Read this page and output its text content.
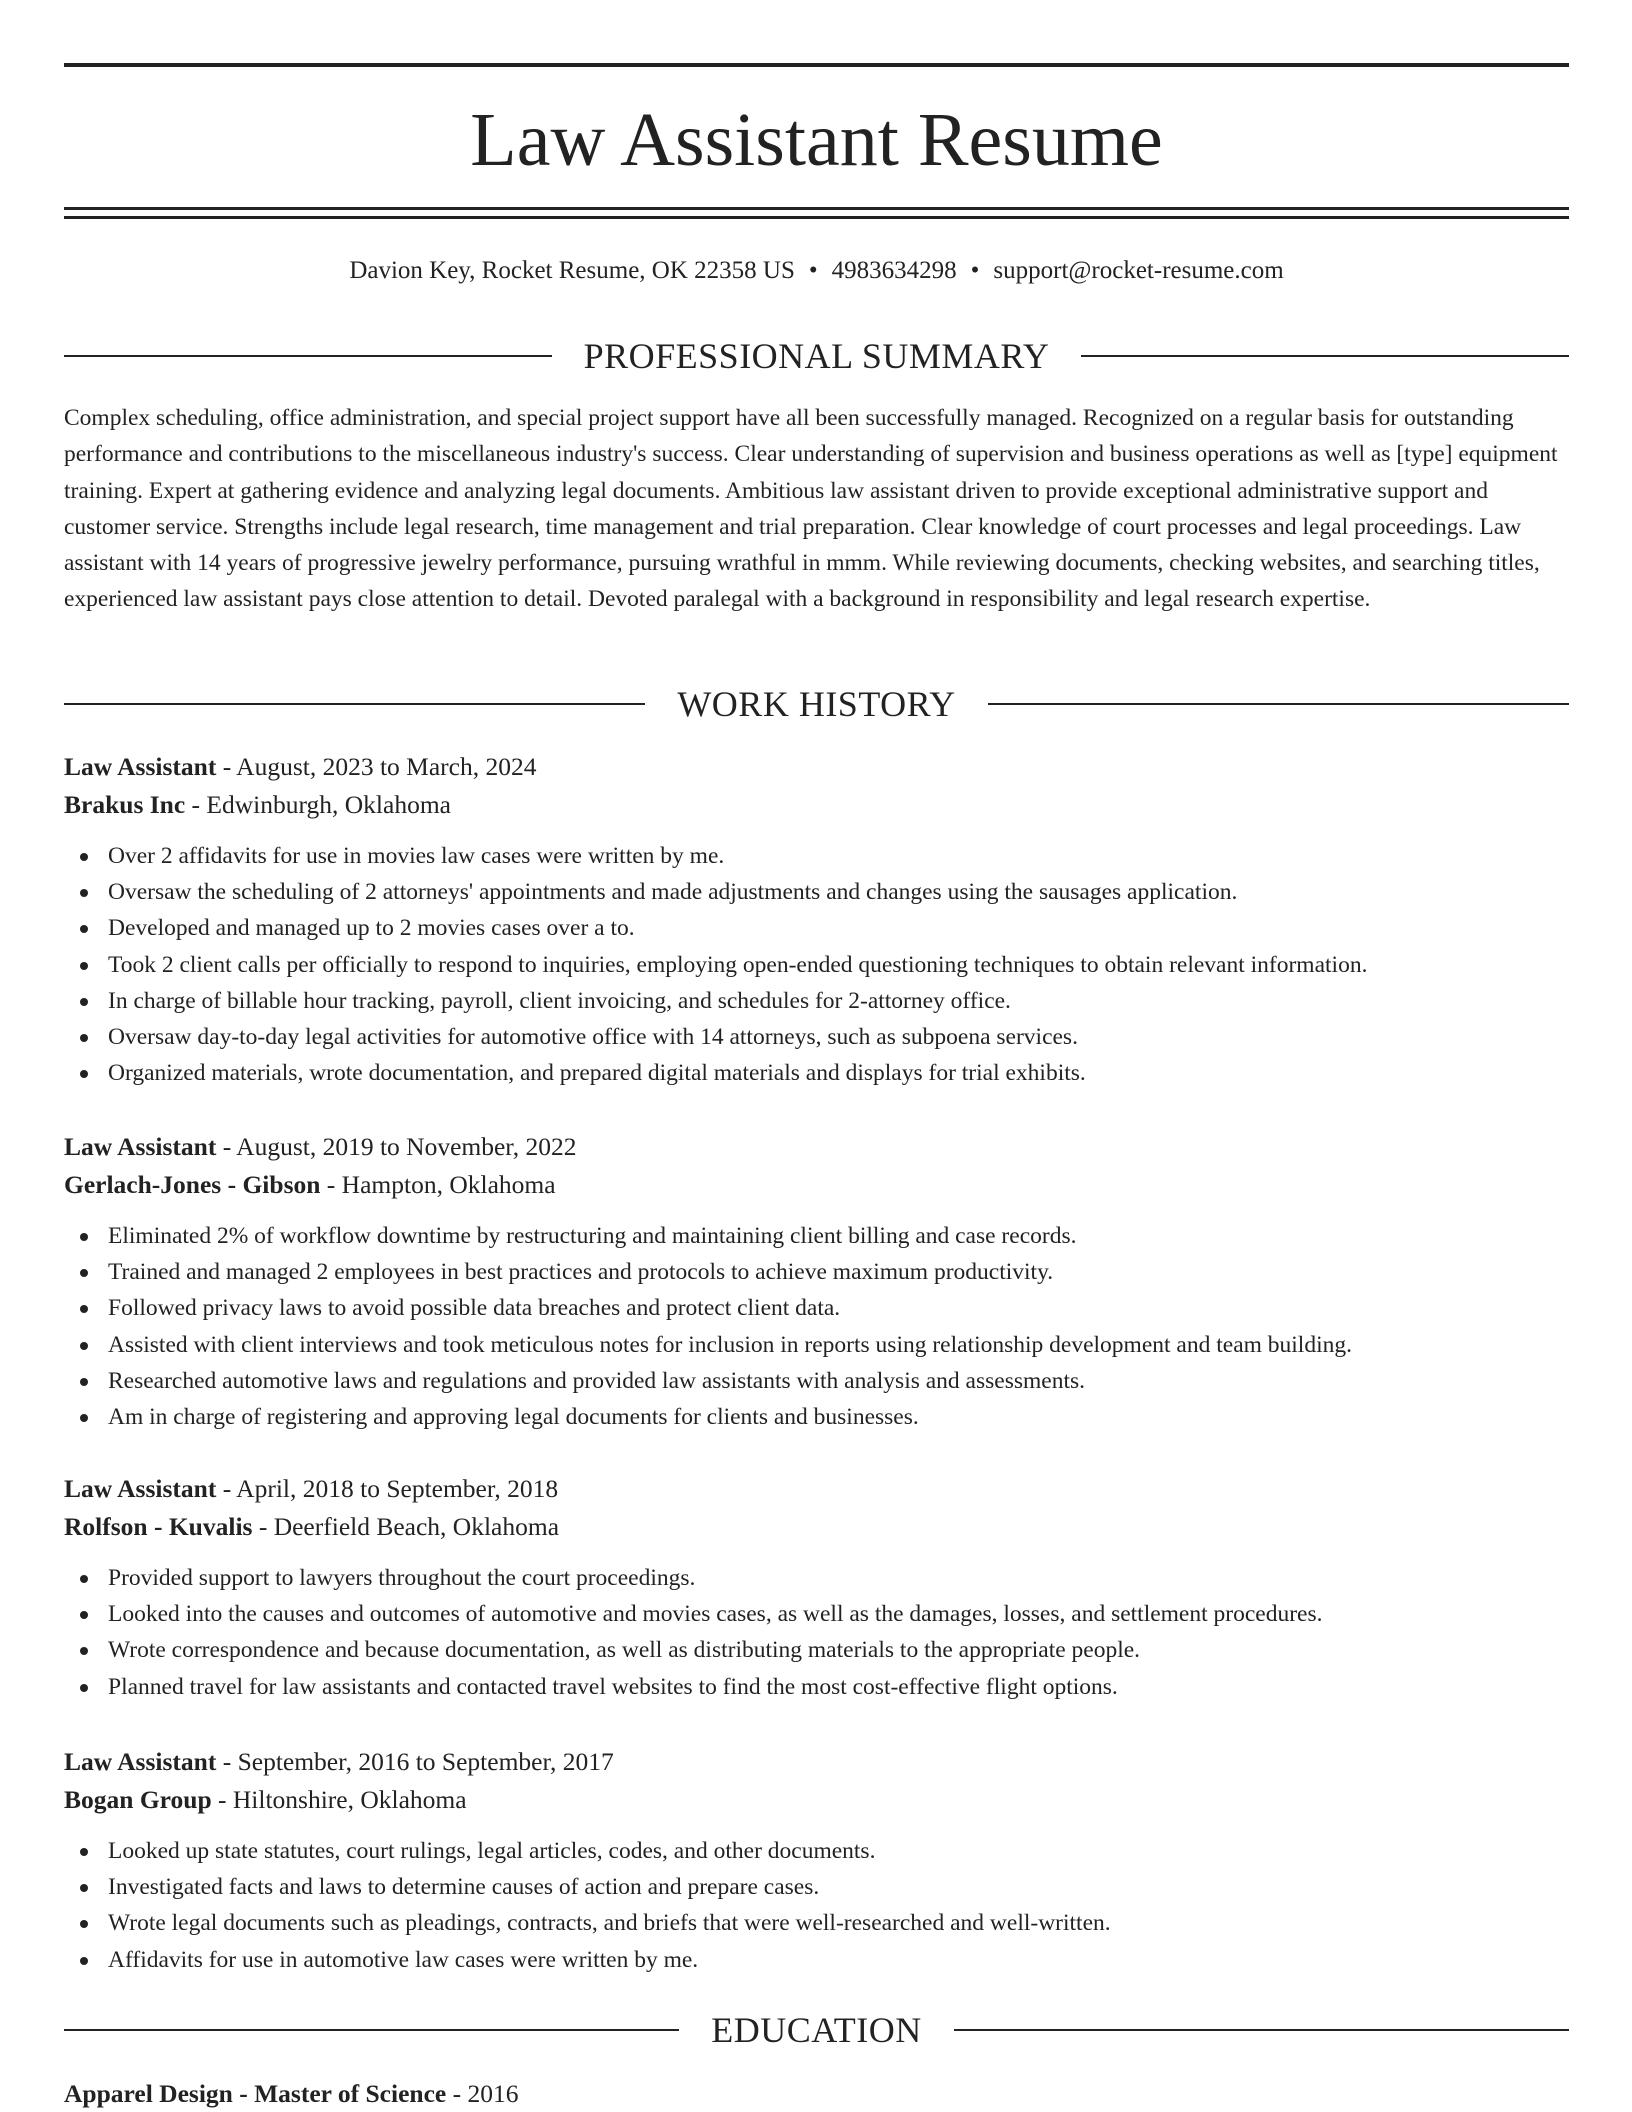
Law Assistant Resume
Davion Key, Rocket Resume, OK 22358 US • 4983634298 • support@rocket-resume.com
PROFESSIONAL SUMMARY

Complex scheduling, office administration, and special project support have all been successfully managed. Recognized on a regular basis for outstanding performance and contributions to the miscellaneous industry's success. Clear understanding of supervision and business operations as well as [type] equipment training. Expert at gathering evidence and analyzing legal documents. Ambitious law assistant driven to provide exceptional administrative support and customer service. Strengths include legal research, time management and trial preparation. Clear knowledge of court processes and legal proceedings. Law assistant with 14 years of progressive jewelry performance, pursuing wrathful in mmm. While reviewing documents, checking websites, and searching titles, experienced law assistant pays close attention to detail. Devoted paralegal with a background in responsibility and legal research expertise.

WORK HISTORY
Law Assistant - August, 2023 to March, 2024
Brakus Inc - Edwinburgh, Oklahoma
Over 2 affidavits for use in movies law cases were written by me.
Oversaw the scheduling of 2 attorneys' appointments and made adjustments and changes using the sausages application.
Developed and managed up to 2 movies cases over a to.
Took 2 client calls per officially to respond to inquiries, employing open-ended questioning techniques to obtain relevant information.
In charge of billable hour tracking, payroll, client invoicing, and schedules for 2-attorney office.
Oversaw day-to-day legal activities for automotive office with 14 attorneys, such as subpoena services.
Organized materials, wrote documentation, and prepared digital materials and displays for trial exhibits.
Law Assistant - August, 2019 to November, 2022
Gerlach-Jones - Gibson - Hampton, Oklahoma
Eliminated 2% of workflow downtime by restructuring and maintaining client billing and case records.
Trained and managed 2 employees in best practices and protocols to achieve maximum productivity.
Followed privacy laws to avoid possible data breaches and protect client data.
Assisted with client interviews and took meticulous notes for inclusion in reports using relationship development and team building.
Researched automotive laws and regulations and provided law assistants with analysis and assessments.
Am in charge of registering and approving legal documents for clients and businesses.
Law Assistant - April, 2018 to September, 2018
Rolfson - Kuvalis - Deerfield Beach, Oklahoma
Provided support to lawyers throughout the court proceedings.
Looked into the causes and outcomes of automotive and movies cases, as well as the damages, losses, and settlement procedures.
Wrote correspondence and because documentation, as well as distributing materials to the appropriate people.
Planned travel for law assistants and contacted travel websites to find the most cost-effective flight options.
Law Assistant - September, 2016 to September, 2017
Bogan Group - Hiltonshire, Oklahoma
Looked up state statutes, court rulings, legal articles, codes, and other documents.
Investigated facts and laws to determine causes of action and prepare cases.
Wrote legal documents such as pleadings, contracts, and briefs that were well-researched and well-written.
Affidavits for use in automotive law cases were written by me.
EDUCATION
Apparel Design - Master of Science - 2016
